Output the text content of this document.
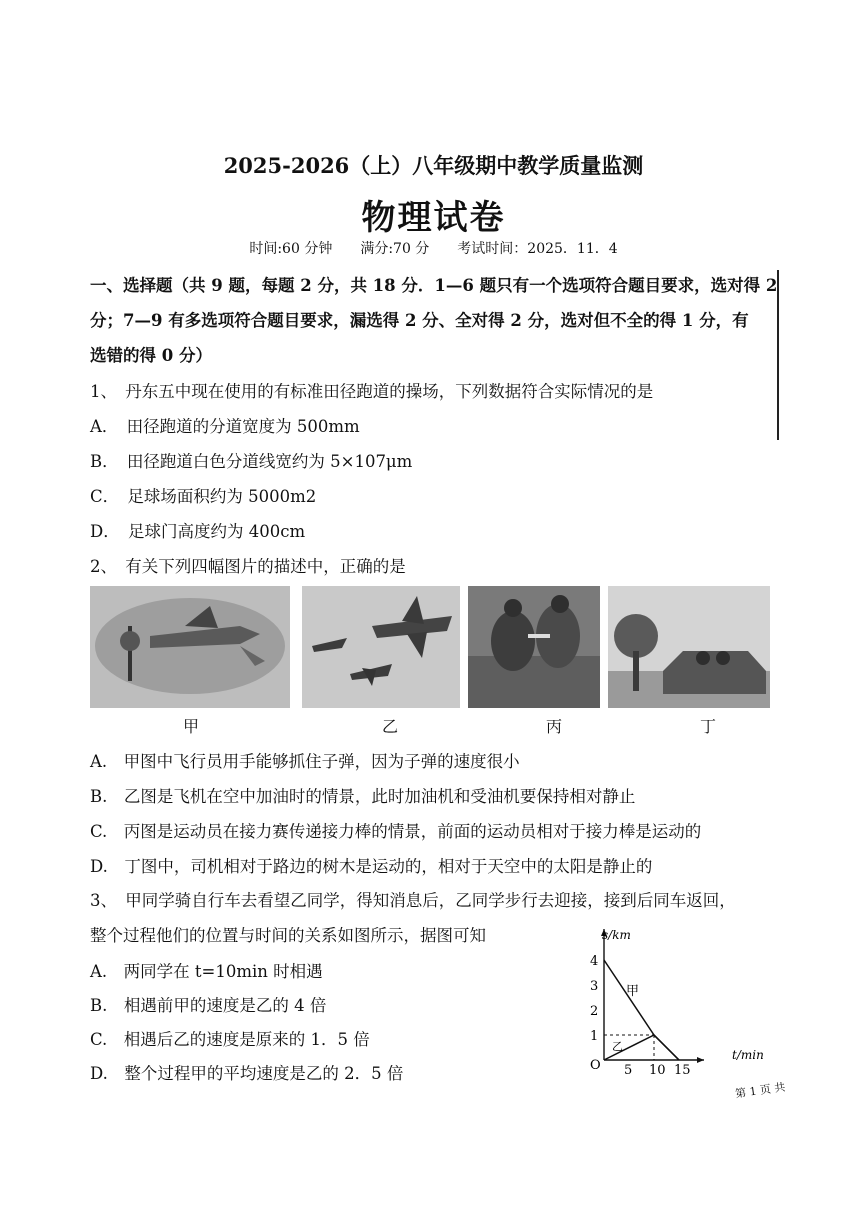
2025-2026（上）八年级期中教学质量监测
物理试卷
时间:60 分钟　　满分:70 分　　考试时间：2025．11．4
一、选择题（共 9 题，每题 2 分，共 18 分．1—6 题只有一个选项符合题目要求，选对得 2
分；7—9 有多选项符合题目要求，漏选得 2 分、全对得 2 分，选对但不全的得 1 分，有
选错的得 0 分）
1、　丹东五中现在使用的有标准田径跑道的操场，下列数据符合实际情况的是
A．　田径跑道的分道宽度为 500mm
B．　田径跑道白色分道线宽约为 5×107μm
C．　足球场面积约为 5000m2
D．　足球门高度约为 400cm
2、　有关下列四幅图片的描述中，正确的是
甲	乙	丙	丁
A.　甲图中飞行员用手能够抓住子弹，因为子弹的速度很小
B.　乙图是飞机在空中加油时的情景，此时加油机和受油机要保持相对静止
C.　丙图是运动员在接力赛传递接力棒的情景，前面的运动员相对于接力棒是运动的
D.　丁图中，司机相对于路边的树木是运动的，相对于天空中的太阳是静止的
3、　甲同学骑自行车去看望乙同学，得知消息后，乙同学步行去迎接，接到后同车返回，
整个过程他们的位置与时间的关系如图所示，据图可知
A.　两同学在 t=10min 时相遇
B.　相遇前甲的速度是乙的 4 倍
C.　相遇后乙的速度是原来的 1．5 倍
D.　整个过程甲的平均速度是乙的 2．5 倍
4
3
2
1
5 10 15
s/km
t/min
O
甲
乙
第 1 页 共
